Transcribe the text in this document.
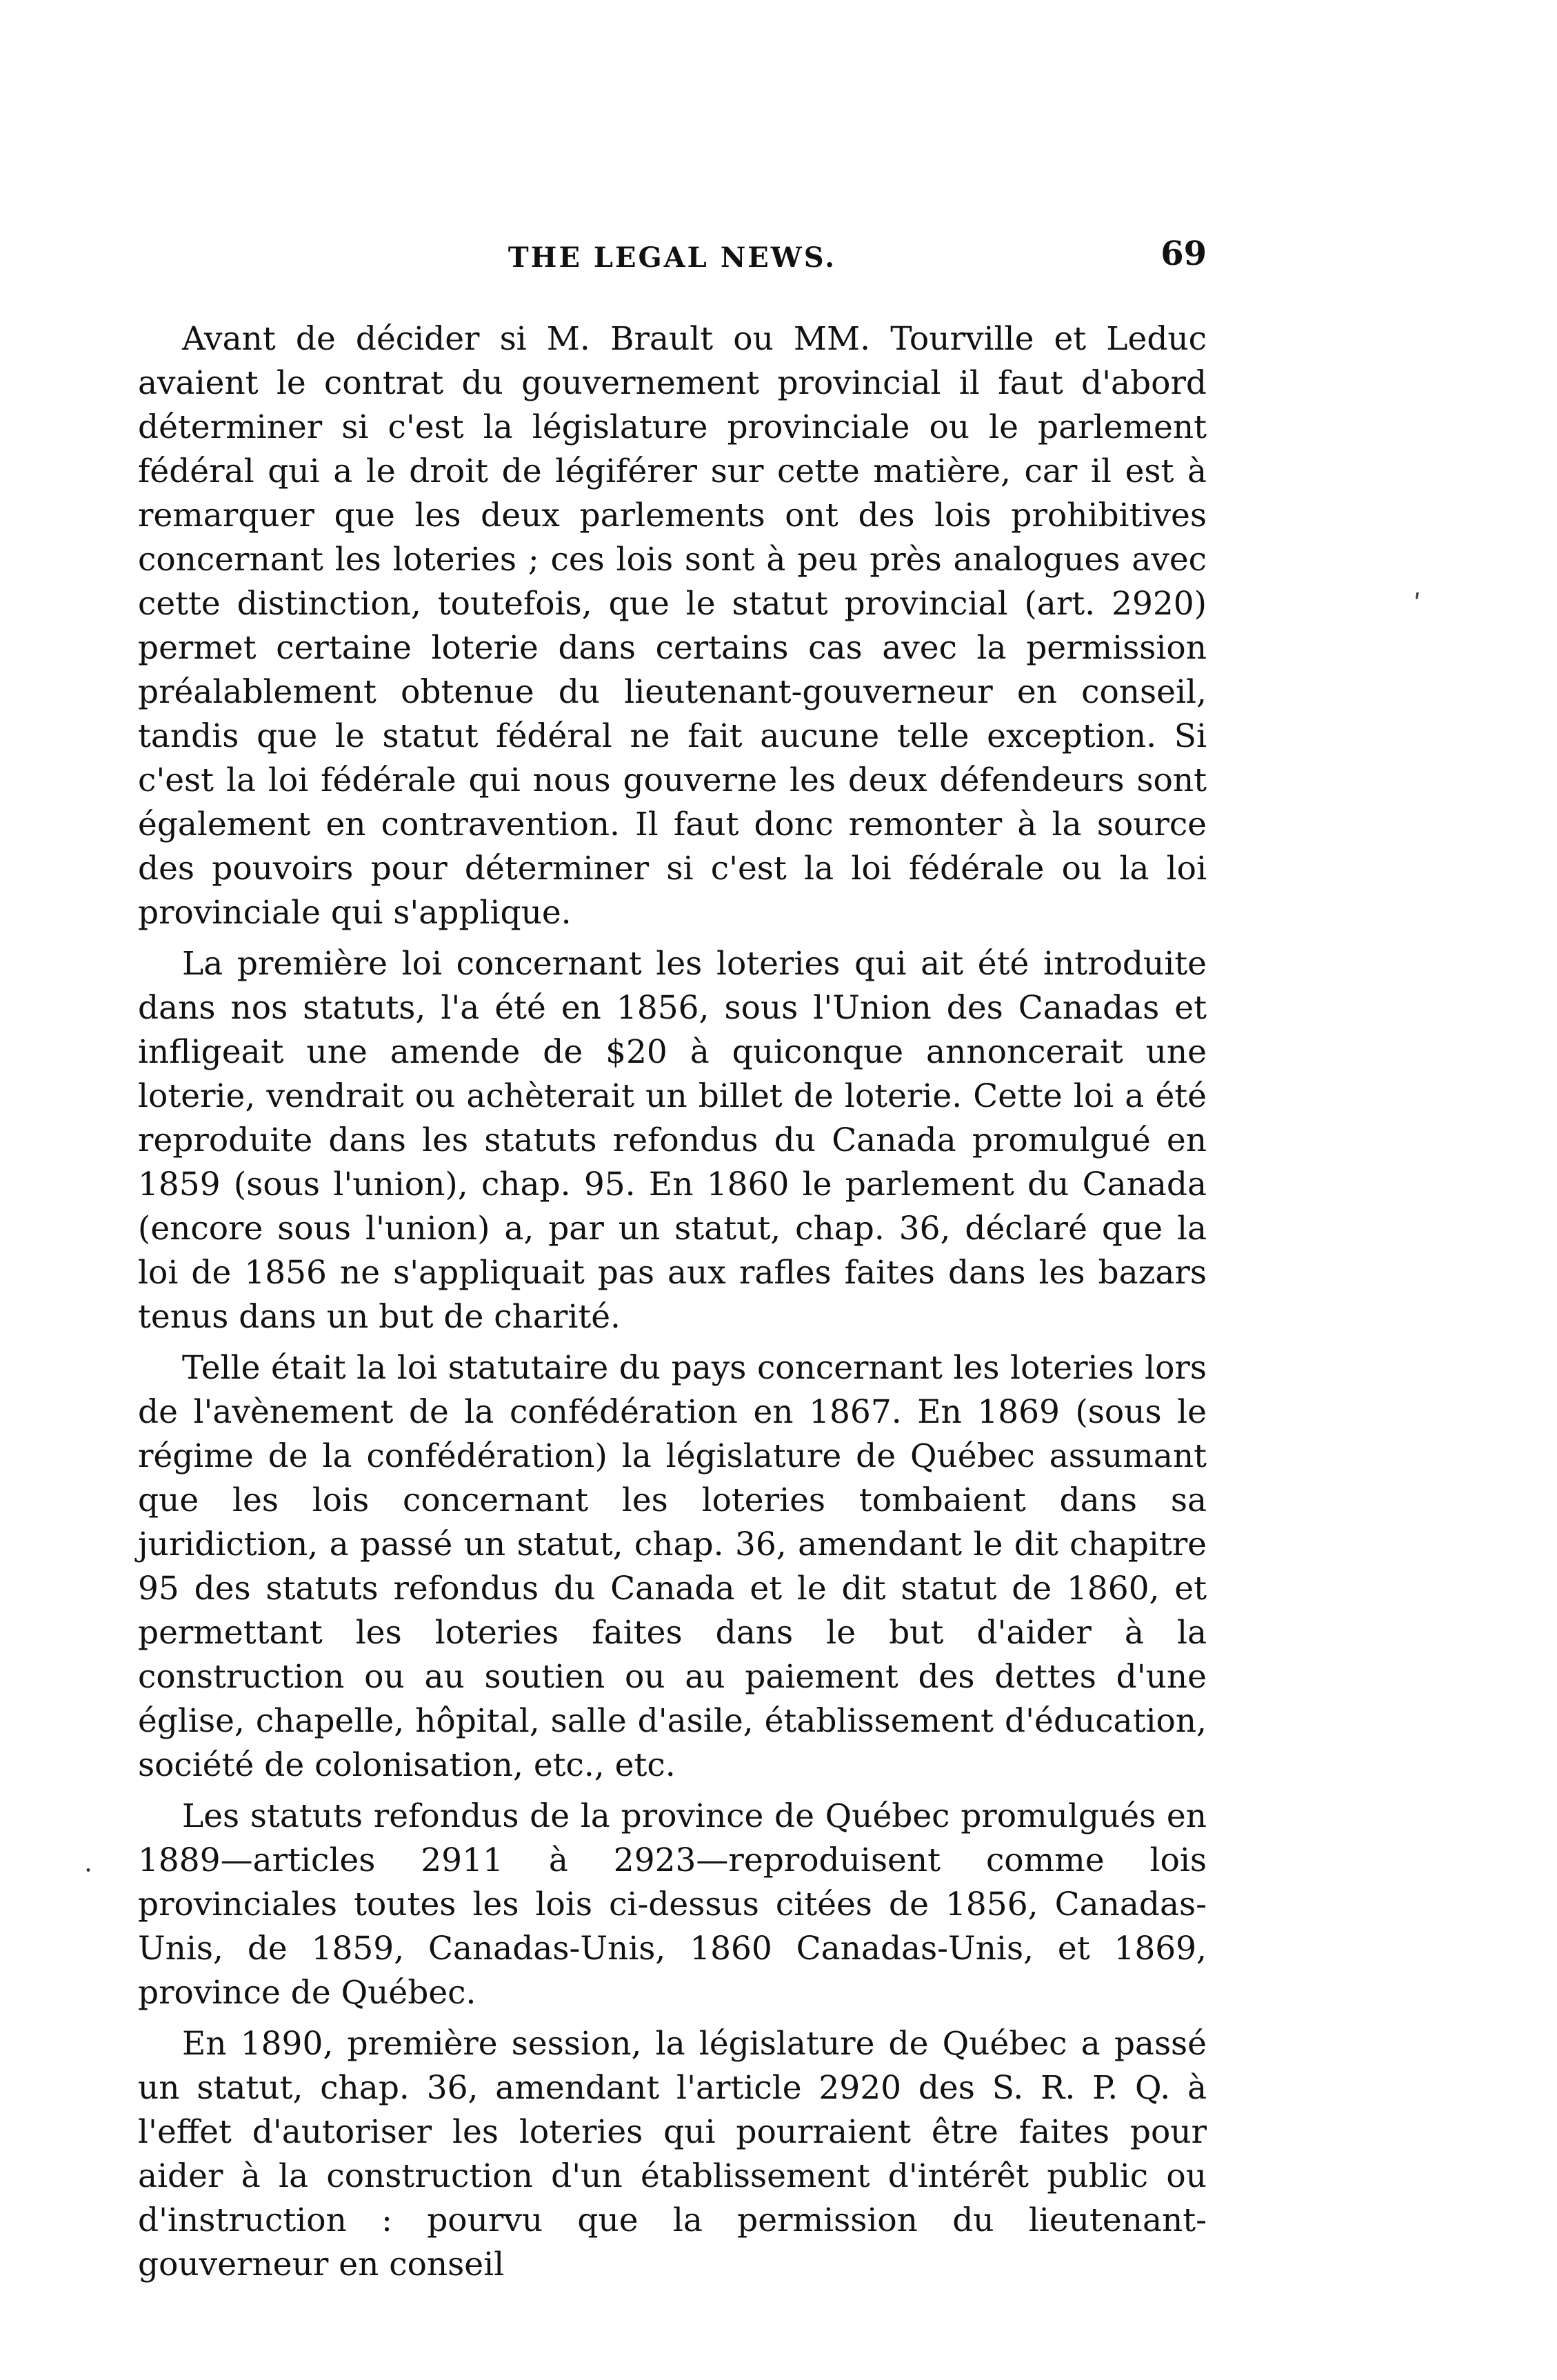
THE LEGAL NEWS.	69

Avant de décider si M. Brault ou MM. Tourville et Leduc avaient le contrat du gouvernement provincial il faut d'abord déterminer si c'est la législature provinciale ou le parlement fédéral qui a le droit de légiférer sur cette matière, car il est à remarquer que les deux parlements ont des lois prohibitives concernant les loteries ; ces lois sont à peu près analogues avec cette distinction, toutefois, que le statut provincial (art. 2920) permet certaine loterie dans certains cas avec la permission préalablement obtenue du lieutenant-gouverneur en conseil, tandis que le statut fédéral ne fait aucune telle exception. Si c'est la loi fédérale qui nous gouverne les deux défendeurs sont également en contravention. Il faut donc remonter à la source des pouvoirs pour déterminer si c'est la loi fédérale ou la loi provinciale qui s'applique.

La première loi concernant les loteries qui ait été introduite dans nos statuts, l'a été en 1856, sous l'Union des Canadas et infligeait une amende de $20 à quiconque annoncerait une loterie, vendrait ou achèterait un billet de loterie. Cette loi a été reproduite dans les statuts refondus du Canada promulgué en 1859 (sous l'union), chap. 95. En 1860 le parlement du Canada (encore sous l'union) a, par un statut, chap. 36, déclaré que la loi de 1856 ne s'appliquait pas aux rafles faites dans les bazars tenus dans un but de charité.

Telle était la loi statutaire du pays concernant les loteries lors de l'avènement de la confédération en 1867. En 1869 (sous le régime de la confédération) la législature de Québec assumant que les lois concernant les loteries tombaient dans sa juridiction, a passé un statut, chap. 36, amendant le dit chapitre 95 des statuts refondus du Canada et le dit statut de 1860, et permettant les loteries faites dans le but d'aider à la construction ou au soutien ou au paiement des dettes d'une église, chapelle, hôpital, salle d'asile, établissement d'éducation, société de colonisation, etc., etc.

Les statuts refondus de la province de Québec promulgués en 1889—articles 2911 à 2923—reproduisent comme lois provinciales toutes les lois ci-dessus citées de 1856, Canadas-Unis, de 1859, Canadas-Unis, 1860 Canadas-Unis, et 1869, province de Québec.

En 1890, première session, la législature de Québec a passé un statut, chap. 36, amendant l'article 2920 des S. R. P. Q. à l'effet d'autoriser les loteries qui pourraient être faites pour aider à la construction d'un établissement d'intérêt public ou d'instruction : pourvu que la permission du lieutenant-gouverneur en conseil

ʹ
·
